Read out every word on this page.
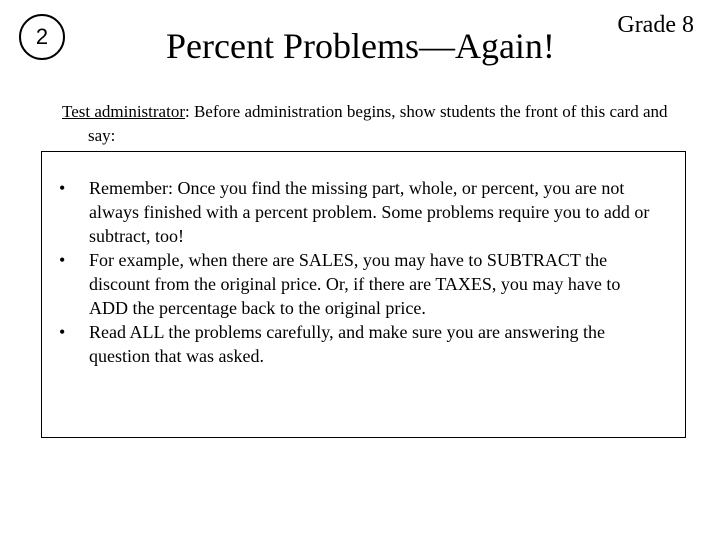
2	Percent Problems—Again!
Grade 8
Test administrator: Before administration begins, show students the front of this card and say:
• Remember: Once you find the missing part, whole, or percent, you are not always finished with a percent problem. Some problems require you to add or subtract, too!
• For example, when there are SALES, you may have to SUBTRACT the discount from the original price. Or, if there are TAXES, you may have to ADD the percentage back to the original price.
• Read ALL the problems carefully, and make sure you are answering the question that was asked.
